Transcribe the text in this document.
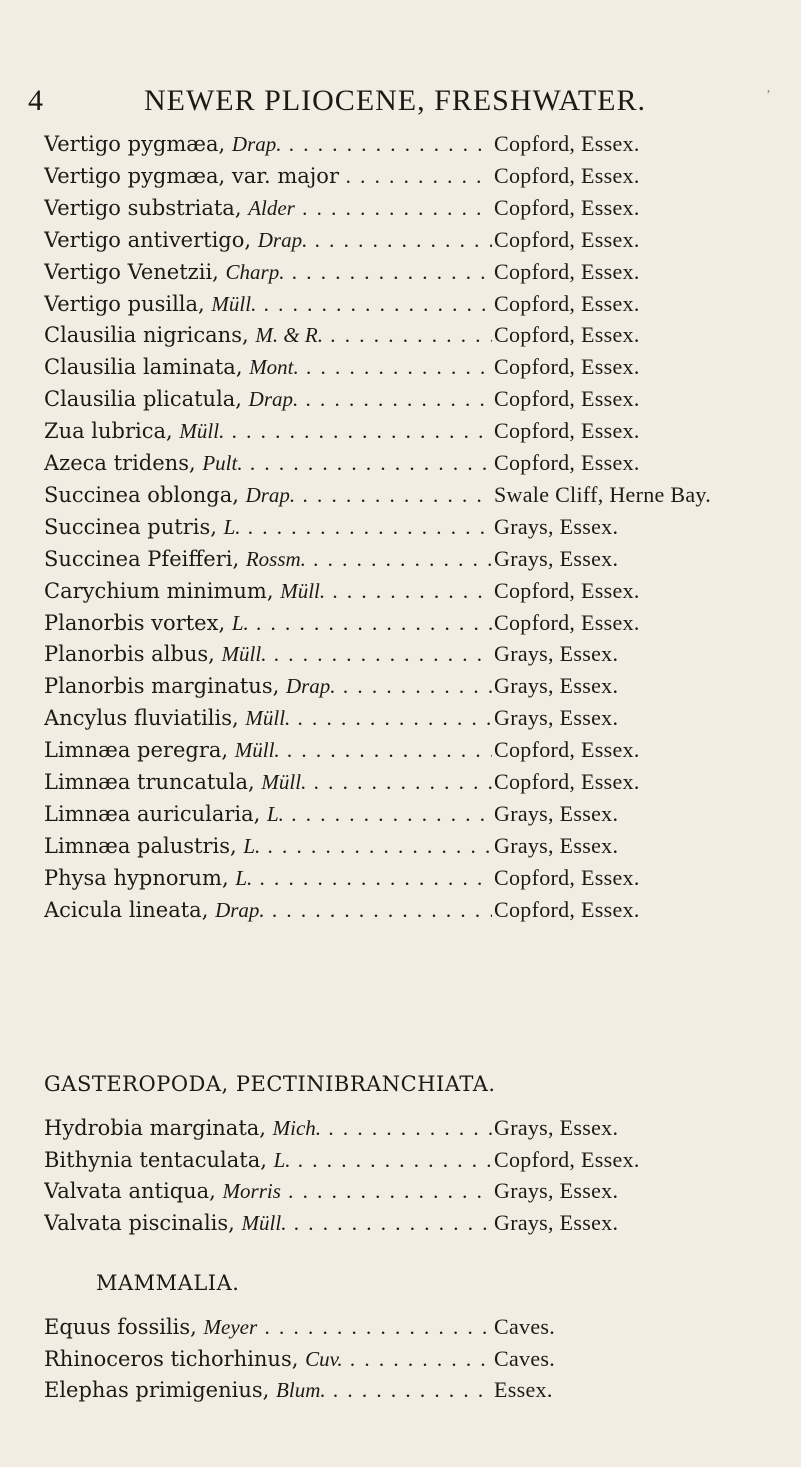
4	NEWER PLIOCENE, FRESHWATER.	’
Vertigo pygmæa, Drap. . . .	Copford, Essex.
Vertigo pygmæa, var. major . . .	Copford, Essex.
Vertigo substriata, Alder . . .	Copford, Essex.
Vertigo antivertigo, Drap. . . .	Copford, Essex.
Vertigo Venetzii, Charp. . . .	Copford, Essex.
Vertigo pusilla, Müll. . . .	Copford, Essex.
Clausilia nigricans, M. & R. . . .	Copford, Essex.
Clausilia laminata, Mont. . . .	Copford, Essex.
Clausilia plicatula, Drap. . . .	Copford, Essex.
Zua lubrica, Müll. . . .	Copford, Essex.
Azeca tridens, Pult. . . .	Copford, Essex.
Succinea oblonga, Drap. . . .	Swale Cliff, Herne Bay.
Succinea putris, L. . . .	Grays, Essex.
Succinea Pfeifferi, Rossm. . . .	Grays, Essex.
Carychium minimum, Müll. . . .	Copford, Essex.
Planorbis vortex, L. . . .	Copford, Essex.
Planorbis albus, Müll. . . .	Grays, Essex.
Planorbis marginatus, Drap. . . .	Grays, Essex.
Ancylus fluviatilis, Müll. . . .	Grays, Essex.
Limnæa peregra, Müll. . . .	Copford, Essex.
Limnæa truncatula, Müll. . . .	Copford, Essex.
Limnæa auricularia, L. . . .	Grays, Essex.
Limnæa palustris, L. . . .	Grays, Essex.
Physa hypnorum, L. . . .	Copford, Essex.
Acicula lineata, Drap. . . .	Copford, Essex.
GASTEROPODA, PECTINIBRANCHIATA.
Hydrobia marginata, Mich. . . .	Grays, Essex.
Bithynia tentaculata, L. . . .	Copford, Essex.
Valvata antiqua, Morris . . .	Grays, Essex.
Valvata piscinalis, Müll. . . .	Grays, Essex.
MAMMALIA.
Equus fossilis, Meyer . . .	Caves.
Rhinoceros tichorhinus, Cuv. . . .	Caves.
Elephas primigenius, Blum. . . .	Essex.
